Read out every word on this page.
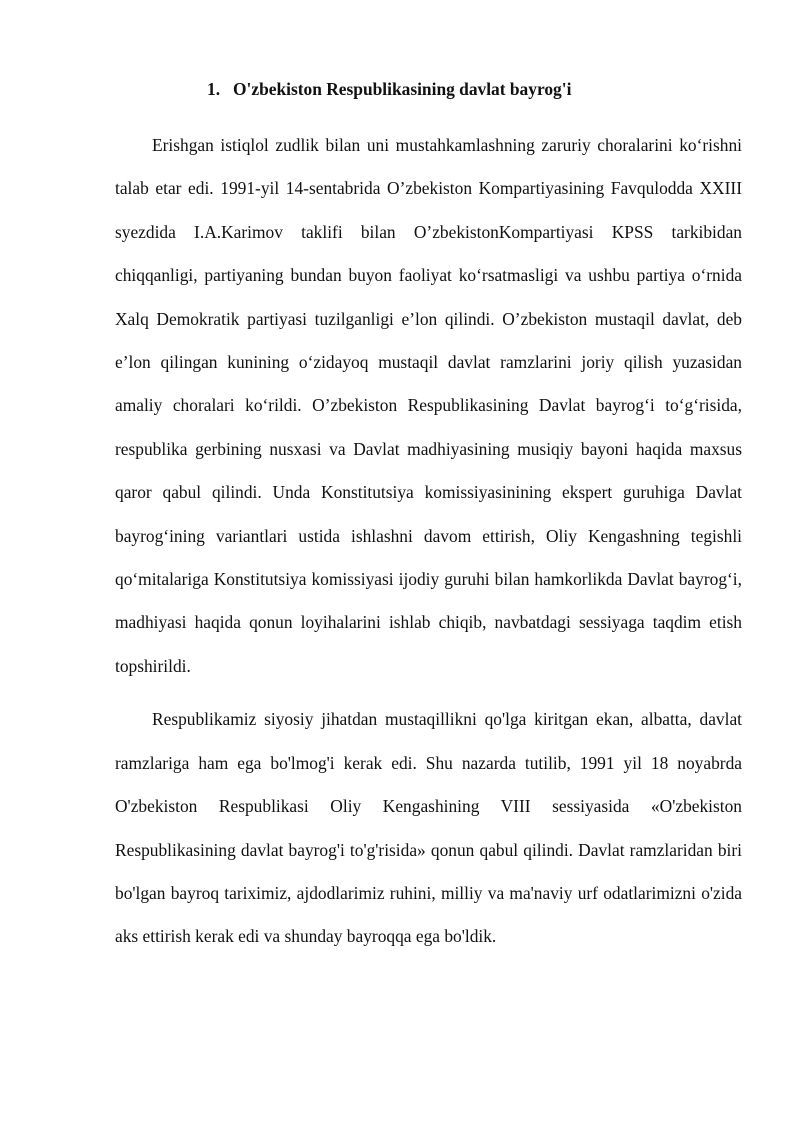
1. O'zbekiston Respublikasining davlat bayrog'i

Erishgan istiqlol zudlik bilan uni mustahkamlashning zaruriy choralarini ko‘rishni talab etar edi. 1991-yil 14-sentabrida O’zbekiston Kompartiyasining Favqulodda XXIII syezdida I.A.Karimov taklifi bilan O’zbekistonKompartiyasi KPSS tarkibidan chiqqanligi, partiyaning bundan buyon faoliyat ko‘rsatmasligi va ushbu partiya o‘rnida Xalq Demokratik partiyasi tuzilganligi e’lon qilindi. O’zbekiston mustaqil davlat, deb e’lon qilingan kunining o‘zidayoq mustaqil davlat ramzlarini joriy qilish yuzasidan amaliy choralari ko‘rildi. O’zbekiston Respublikasining Davlat bayrog‘i to‘g‘risida, respublika gerbining nusxasi va Davlat madhiyasining musiqiy bayoni haqida maxsus qaror qabul qilindi. Unda Konstitutsiya komissiyasinining ekspert guruhiga Davlat bayrog‘ining variantlari ustida ishlashni davom ettirish, Oliy Kengashning tegishli qo‘mitalariga Konstitutsiya komissiyasi ijodiy guruhi bilan hamkorlikda Davlat bayrog‘i, madhiyasi haqida qonun loyihalarini ishlab chiqib, navbatdagi sessiyaga taqdim etish topshirildi.

Respublikamiz siyosiy jihatdan mustaqillikni qo'lga kiritgan ekan, albatta, davlat ramzlariga ham ega bo'lmog'i kerak edi. Shu nazarda tutilib, 1991 yil 18 noyabrda O'zbekiston Respublikasi Oliy Kengashining VIII sessiyasida «O'zbekiston Respublikasining davlat bayrog'i to'g'risida» qonun qabul qilindi. Davlat ramzlaridan biri bo'lgan bayroq tariximiz, ajdodlarimiz ruhini, milliy va ma'naviy urf odatlarimizni o'zida aks ettirish kerak edi va shunday bayroqqa ega bo'ldik.
